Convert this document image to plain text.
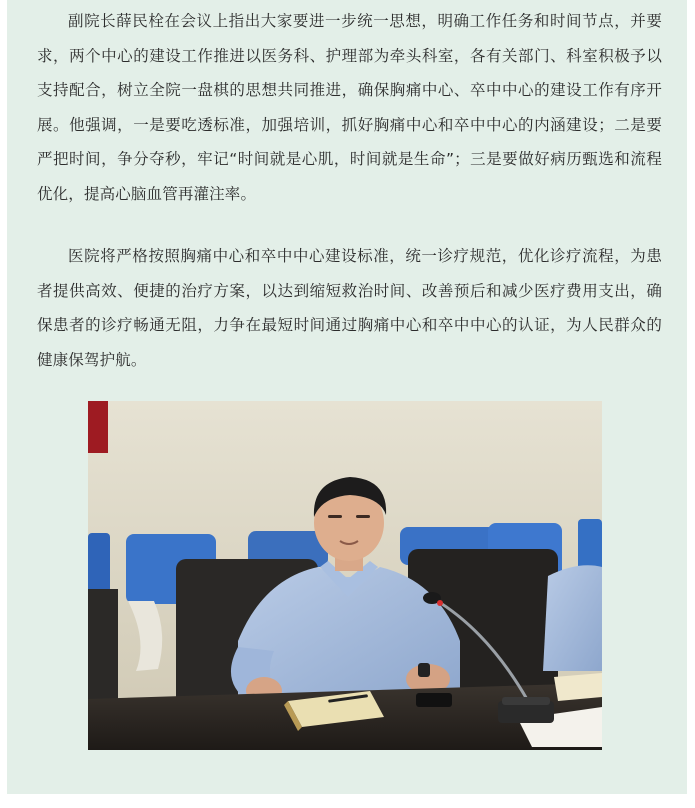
副院长薛民栓在会议上指出大家要进一步统一思想，明确工作任务和时间节点，并要求，两个中心的建设工作推进以医务科、护理部为牵头科室，各有关部门、科室积极予以支持配合，树立全院一盘棋的思想共同推进，确保胸痛中心、卒中中心的建设工作有序开展。他强调，一是要吃透标准，加强培训，抓好胸痛中心和卒中中心的内涵建设；二是要严把时间，争分夺秒，牢记“时间就是心肌，时间就是生命”；三是要做好病历甄选和流程优化，提高心脑血管再灌注率。

医院将严格按照胸痛中心和卒中中心建设标准，统一诊疗规范，优化诊疗流程，为患者提供高效、便捷的治疗方案，以达到缩短救治时间、改善预后和减少医疗费用支出，确保患者的诊疗畅通无阻，力争在最短时间通过胸痛中心和卒中中心的认证，为人民群众的健康保驾护航。
